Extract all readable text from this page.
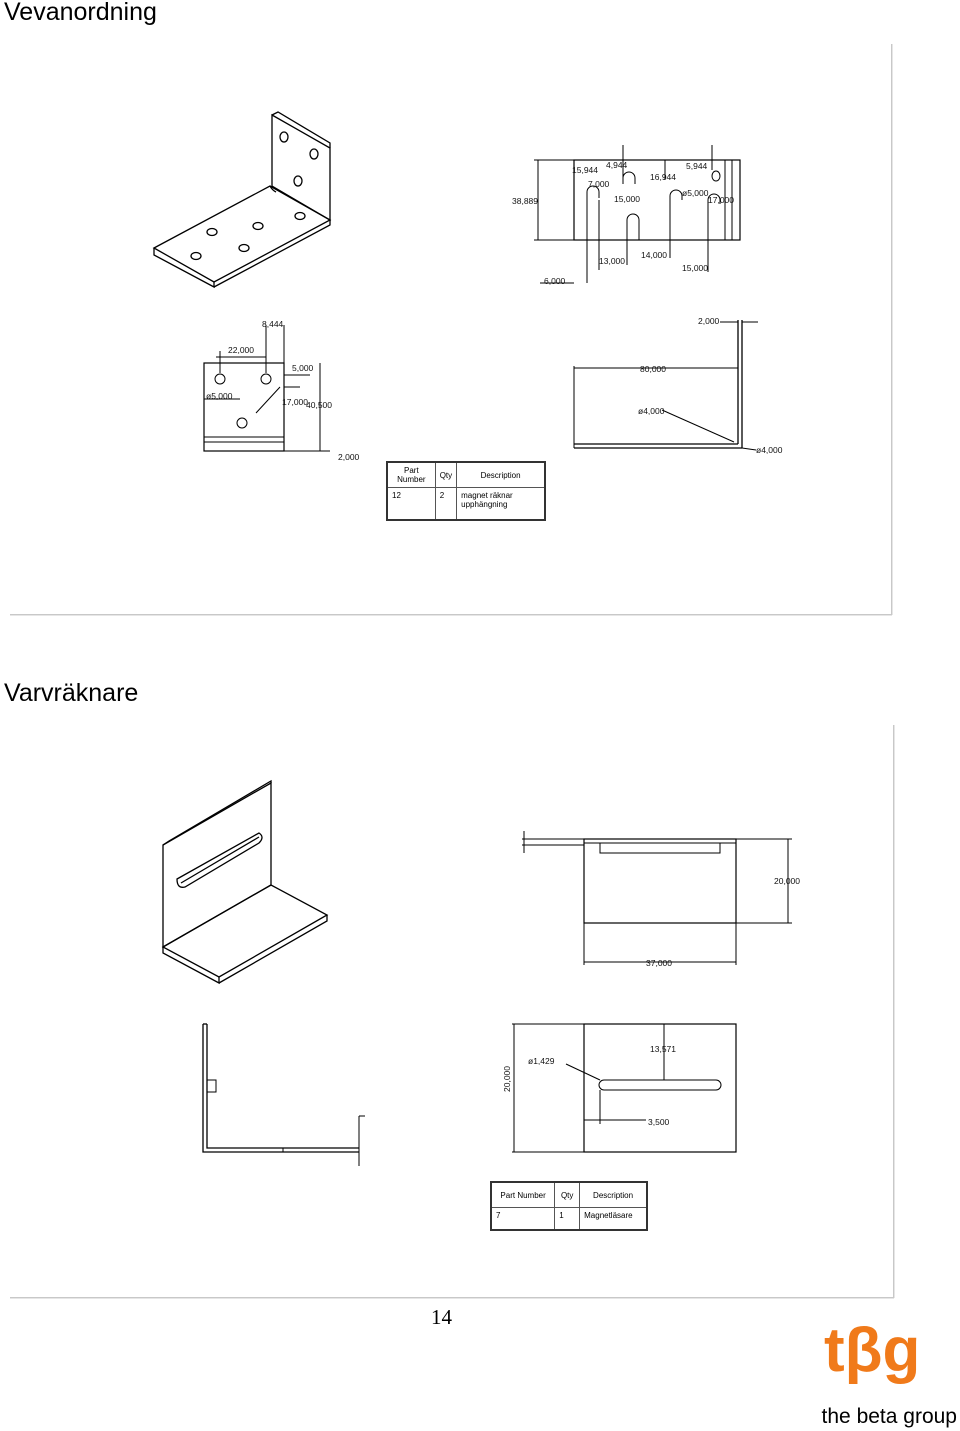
Vevanordning
38,889
15,944 4,944
7,000
16,944
5,944
ø5,000
15,000	17,000
14,000
13,000
15,000
6,000
8,444
22,000
5,000
ø5,000
17,000
40,500
2,000
2,000
80,000
ø4,000
ø4,000
Part Number	Qty	Description
12	2	magnet räknar upphängning
Varvräknare
20,000
37,000
13,571
ø1,429
3,500
20,000
Part Number	Qty	Description
7	1	Magnetläsare
14	tβg
the beta group
